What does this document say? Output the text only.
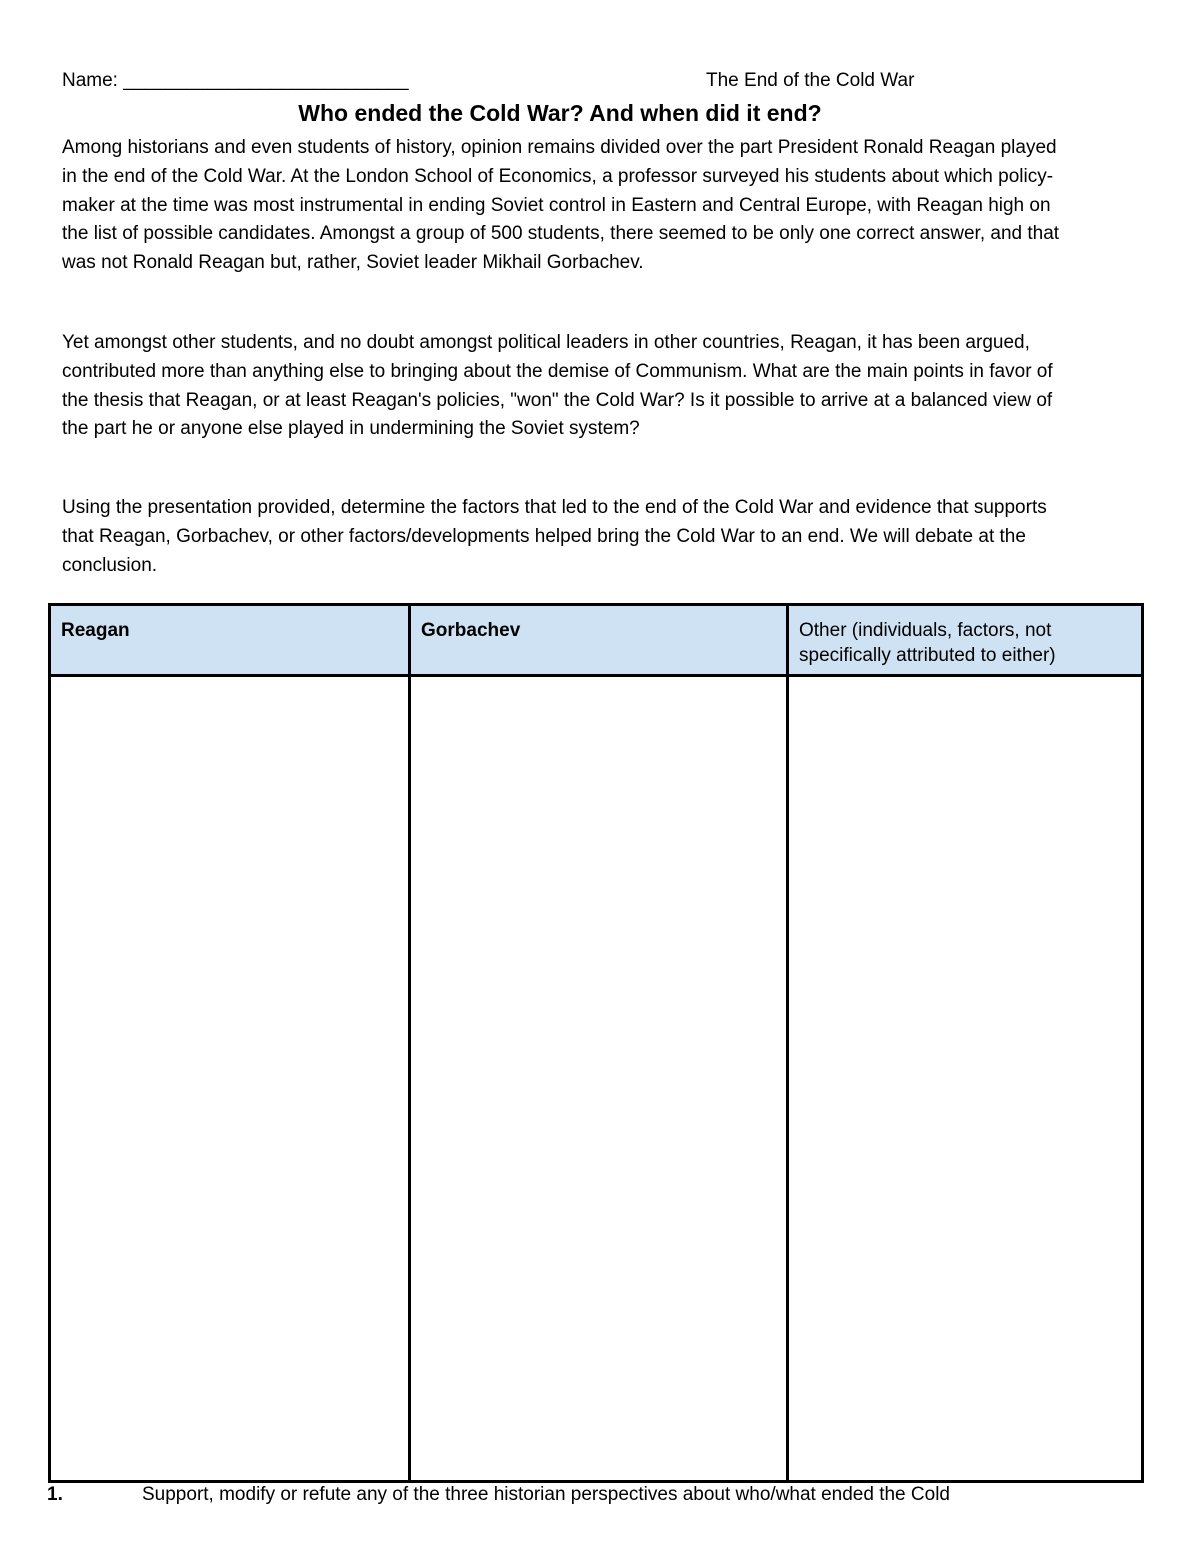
Name: ___________________________	The End of the Cold War
Who ended the Cold War? And when did it end?

Among historians and even students of history, opinion remains divided over the part President Ronald Reagan played in the end of the Cold War. At the London School of Economics, a professor surveyed his students about which policy-maker at the time was most instrumental in ending Soviet control in Eastern and Central Europe, with Reagan high on the list of possible candidates. Amongst a group of 500 students, there seemed to be only one correct answer, and that was not Ronald Reagan but, rather, Soviet leader Mikhail Gorbachev.

Yet amongst other students, and no doubt amongst political leaders in other countries, Reagan, it has been argued, contributed more than anything else to bringing about the demise of Communism. What are the main points in favor of the thesis that Reagan, or at least Reagan's policies, "won" the Cold War? Is it possible to arrive at a balanced view of the part he or anyone else played in undermining the Soviet system?

Using the presentation provided, determine the factors that led to the end of the Cold War and evidence that supports that Reagan, Gorbachev, or other factors/developments helped bring the Cold War to an end. We will debate at the conclusion.

Reagan	Gorbachev	Other (individuals, factors, not specifically attributed to either)

1.	Support, modify or refute any of the three historian perspectives about who/what ended the Cold
